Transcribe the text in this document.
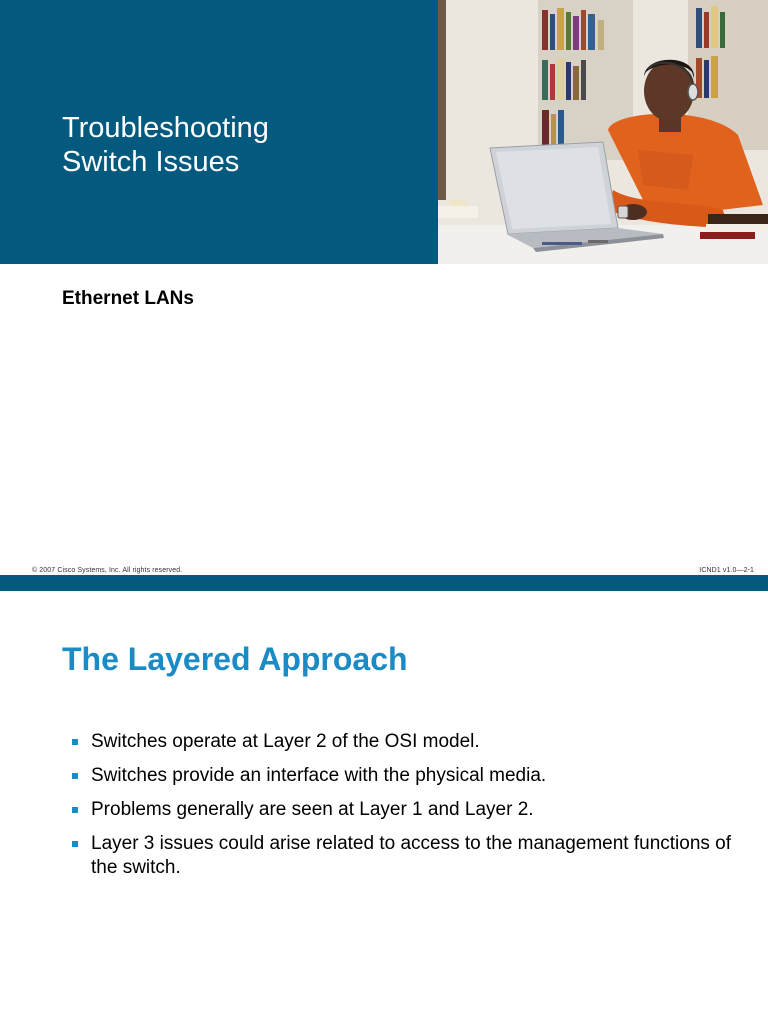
Troubleshooting
Switch Issues
Ethernet LANs
© 2007 Cisco Systems, Inc. All rights reserved.	ICND1 v1.0—2-1
The Layered Approach
Switches operate at Layer 2 of the OSI model.
Switches provide an interface with the physical media.
Problems generally are seen at Layer 1 and Layer 2.
Layer 3 issues could arise related to access to the management functions of the switch.
